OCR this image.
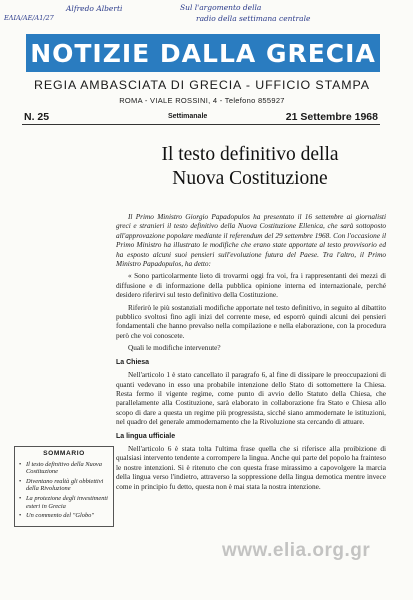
EΛΙΑ/ΑΕ/Α1/27
Alfredo Alberti	Sul l'argomento della
radio della settimana centrale
NOTIZIE DALLA GRECIA
REGIA AMBASCIATA DI GRECIA - UFFICIO STAMPA
ROMA - VIALE ROSSINI, 4 - Telefono 855927
N. 25	Settimanale	21 Settembre 1968
Il testo definitivo della
Nuova Costituzione

Il Primo Ministro Giorgio Papadopulos ha presentato il 16 settembre ai giornalisti greci e stranieri il testo definitivo della Nuova Costituzione Ellenica, che sarà sottoposto all'approvazione popolare mediante il referendum del 29 settembre 1968. Con l'occasione il Primo Ministro ha illustrato le modifiche che erano state apportate al testo provvisorio ed ha esposto alcuni suoi pensieri sull'evoluzione futura del Paese. Tra l'altro, il Primo Ministro Papadopulos, ha detto:

« Sono particolarmente lieto di trovarmi oggi fra voi, fra i rappresentanti dei mezzi di diffusione e di informazione della pubblica opinione interna ed internazionale, perché desidero riferirvi sul testo definitivo della Costituzione.

Riferirò le più sostanziali modifiche apportate nel testo definitivo, in seguito al dibattito pubblico svoltosi fino agli inizi del corrente mese, ed esporrò quindi alcuni dei pensieri fondamentali che hanno prevalso nella compilazione e nella elaborazione, con la procedura però che voi conoscete.

Quali le modifiche intervenute?

La Chiesa

Nell'articolo 1 è stato cancellato il paragrafo 6, al fine di dissipare le preoccupazioni di quanti vedevano in esso una probabile intenzione dello Stato di sottomettere la Chiesa. Resta fermo il vigente regime, come punto di avvio dello Statuto della Chiesa, che parallelamente alla Costituzione, sarà elaborato in collaborazione fra Stato e Chiesa allo scopo di dare a questa un regime più progressista, sicché siano ammodernate le istituzioni, nel quadro del generale ammodernamento che la Rivoluzione sta cercando di attuare.

La lingua ufficiale

Nell'articolo 6 è stata tolta l'ultima frase quella che si riferisce alla proibizione di qualsiasi intervento tendente a corrompere la lingua. Anche qui parte del popolo ha frainteso le nostre intenzioni. Si è ritenuto che con questa frase mirassimo a capovolgere la marcia della lingua verso l'indietro, attraverso la soppressione della lingua demotica mentre invece come in principio fu detto, questa non è mai stata la nostra intenzione.

SOMMARIO
• Il testo definitivo della Nuova Costituzione
• Diventano realtà gli obbiettivi della Rivoluzione
• La protezione degli investimenti esteri in Grecia
• Un commento del "Globo"
www.elia.org.gr
